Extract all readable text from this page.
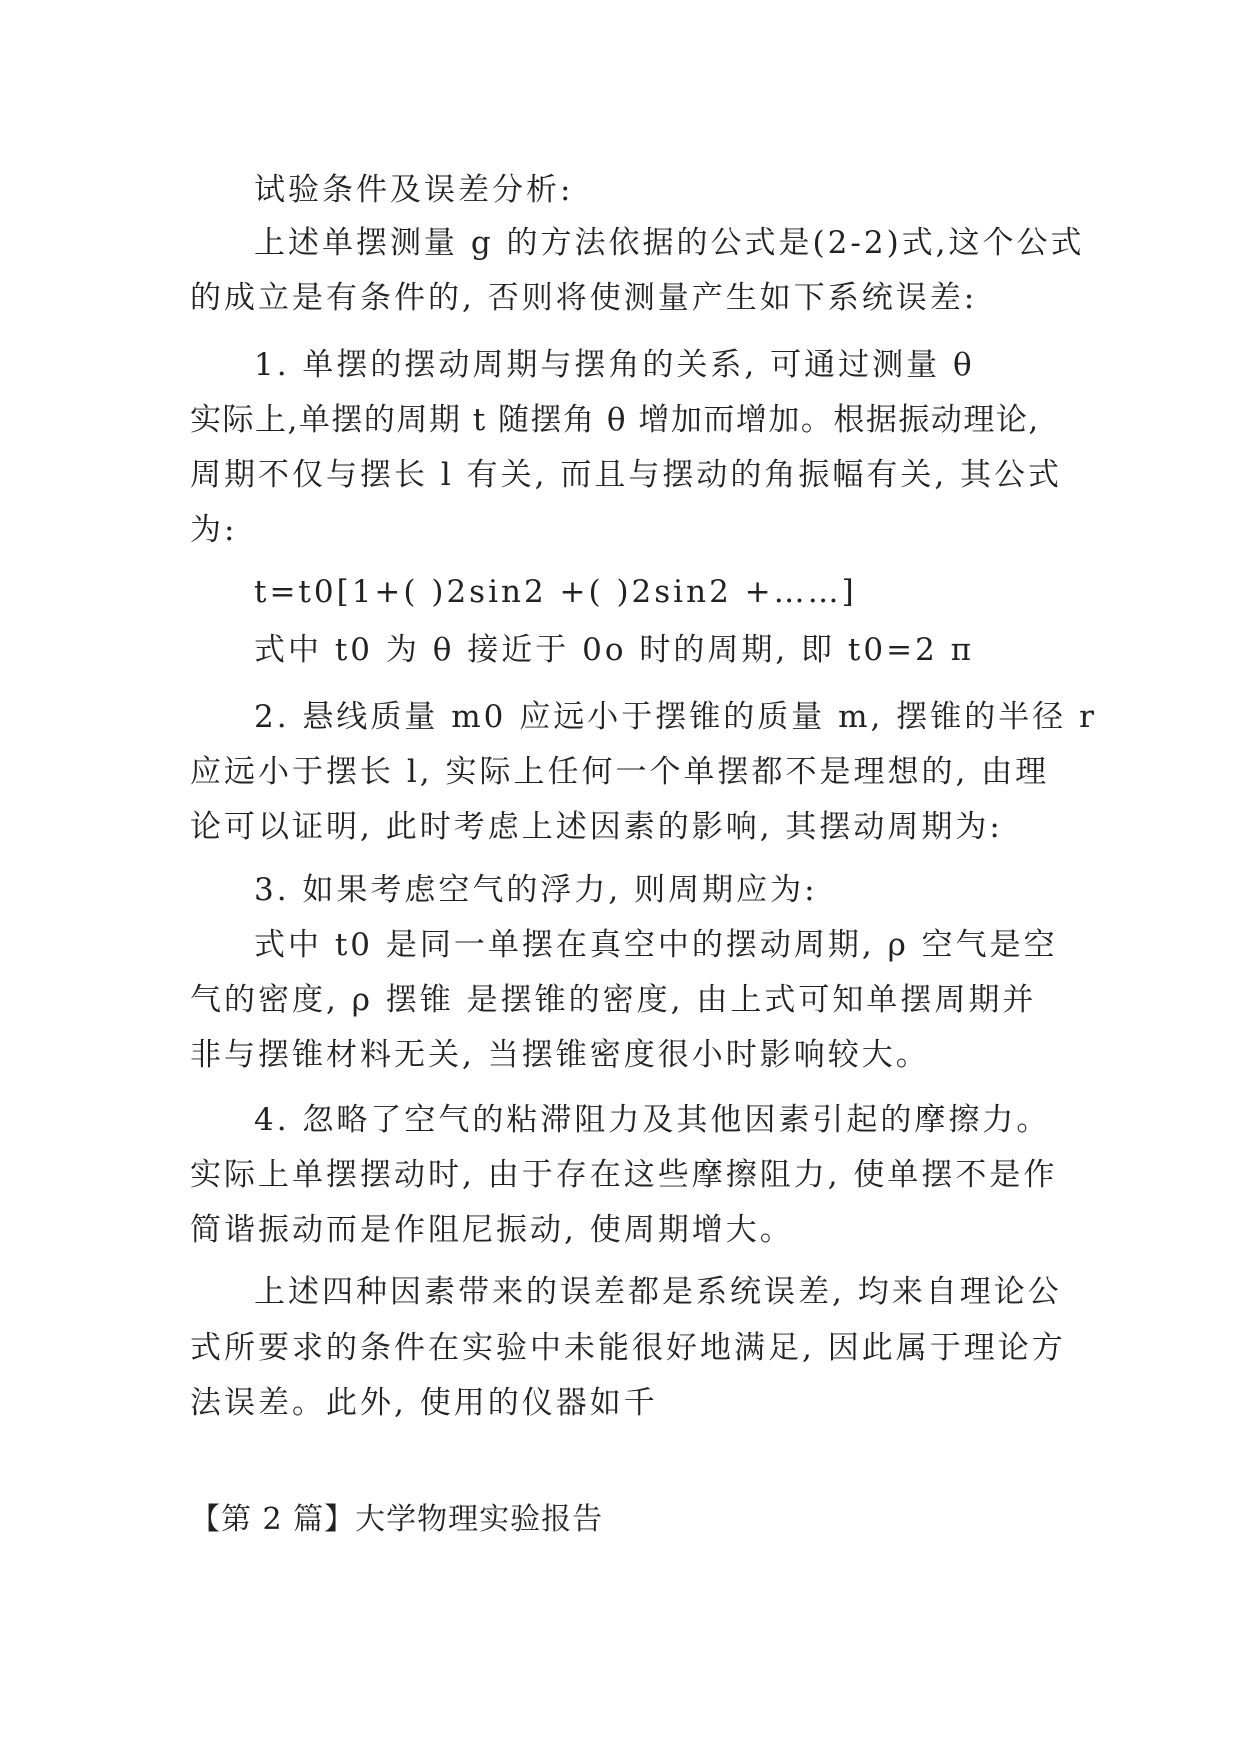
试验条件及误差分析:
上述单摆测量 g 的方法依据的公式是(2-2)式,这个公式
的成立是有条件的, 否则将使测量产生如下系统误差:
1. 单摆的摆动周期与摆角的关系, 可通过测量 θ
实际上,单摆的周期 t 随摆角 θ 增加而增加。根据振动理论,
周期不仅与摆长 l 有关, 而且与摆动的角振幅有关, 其公式
为:
t=t0[1+( )2sin2 +( )2sin2 +……]
式中 t0 为 θ 接近于 0o 时的周期, 即 t0=2 π
2. 悬线质量 m0 应远小于摆锥的质量 m, 摆锥的半径 r
应远小于摆长 l, 实际上任何一个单摆都不是理想的, 由理
论可以证明, 此时考虑上述因素的影响, 其摆动周期为:
3. 如果考虑空气的浮力, 则周期应为:
式中 t0 是同一单摆在真空中的摆动周期, ρ 空气是空
气的密度, ρ 摆锥 是摆锥的密度, 由上式可知单摆周期并
非与摆锥材料无关, 当摆锥密度很小时影响较大。
4. 忽略了空气的粘滞阻力及其他因素引起的摩擦力。
实际上单摆摆动时, 由于存在这些摩擦阻力, 使单摆不是作
简谐振动而是作阻尼振动, 使周期增大。
上述四种因素带来的误差都是系统误差, 均来自理论公
式所要求的条件在实验中未能很好地满足, 因此属于理论方
法误差。此外, 使用的仪器如千
【第 2 篇】大学物理实验报告
